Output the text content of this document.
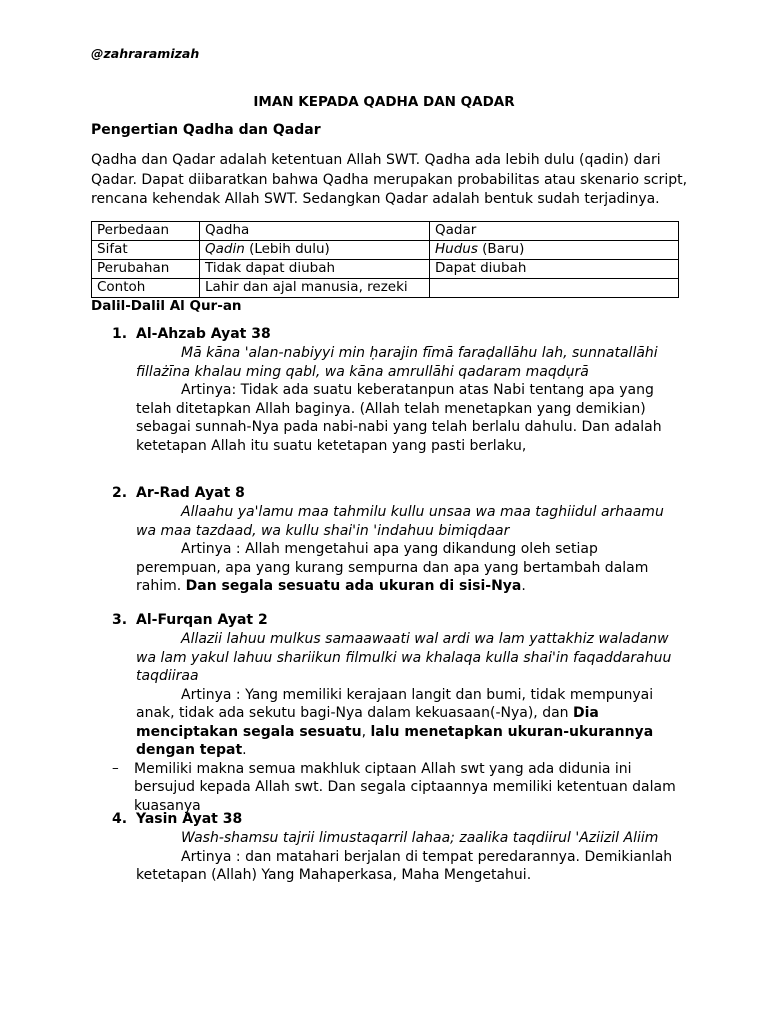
@zahraramizah
IMAN KEPADA QADHA DAN QADAR
Pengertian Qadha dan Qadar

Qadha dan Qadar adalah ketentuan Allah SWT. Qadha ada lebih dulu (qadin) dari Qadar. Dapat diibaratkan bahwa Qadha merupakan probabilitas atau skenario script, rencana kehendak Allah SWT. Sedangkan Qadar adalah bentuk sudah terjadinya.

Perbedaan	Qadha	Qadar
Sifat	Qadin (Lebih dulu)	Hudus (Baru)
Perubahan	Tidak dapat diubah	Dapat diubah
Contoh	Lahir dan ajal manusia, rezeki	
Dalil-Dalil Al Qur-an
1. Al-Ahzab Ayat 38

Mā kāna 'alan-nabiyyi min ḥarajin fīmā faraḍallāhu lah, sunnatallāhi fillażīna khalau ming qabl, wa kāna amrullāhi qadaram maqdụrā

Artinya: Tidak ada suatu keberatanpun atas Nabi tentang apa yang telah ditetapkan Allah baginya. (Allah telah menetapkan yang demikian) sebagai sunnah-Nya pada nabi-nabi yang telah berlalu dahulu. Dan adalah ketetapan Allah itu suatu ketetapan yang pasti berlaku,

2. Ar-Rad Ayat 8

Allaahu ya'lamu maa tahmilu kullu unsaa wa maa taghiidul arhaamu wa maa tazdaad, wa kullu shai'in 'indahuu bimiqdaar

Artinya : Allah mengetahui apa yang dikandung oleh setiap perempuan, apa yang kurang sempurna dan apa yang bertambah dalam rahim. Dan segala sesuatu ada ukuran di sisi-Nya.

3. Al-Furqan Ayat 2

Allazii lahuu mulkus samaawaati wal ardi wa lam yattakhiz waladanw wa lam yakul lahuu shariikun filmulki wa khalaqa kulla shai'in faqaddarahuu taqdiiraa

Artinya : Yang memiliki kerajaan langit dan bumi, tidak mempunyai anak, tidak ada sekutu bagi-Nya dalam kekuasaan(-Nya), dan Dia menciptakan segala sesuatu, lalu menetapkan ukuran-ukurannya dengan tepat.

–	Memiliki makna semua makhluk ciptaan Allah swt yang ada didunia ini bersujud kepada Allah swt. Dan segala ciptaannya memiliki ketentuan dalam kuasanya
4. Yasin Ayat 38

Wash-shamsu tajrii limustaqarril lahaa; zaalika taqdiirul 'Aziizil Aliim

Artinya : dan matahari berjalan di tempat peredarannya. Demikianlah ketetapan (Allah) Yang Mahaperkasa, Maha Mengetahui.
